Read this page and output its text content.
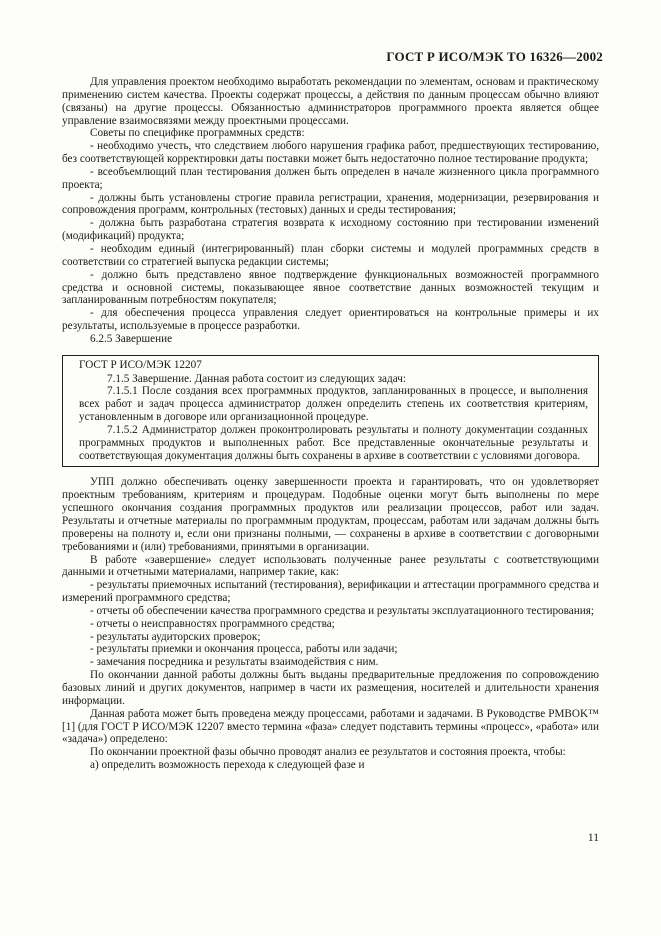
ГОСТ Р ИСО/МЭК ТО 16326—2002

Для управления проектом необходимо выработать рекомендации по элементам, основам и практическому применению систем качества. Проекты содержат процессы, а действия по данным процессам обычно влияют (связаны) на другие процессы. Обязанностью администраторов программного проекта является общее управление взаимосвязями между проектными процессами.

Советы по специфике программных средств:

- необходимо учесть, что следствием любого нарушения графика работ, предшествующих тестированию, без соответствующей корректировки даты поставки может быть недостаточно полное тестирование продукта;

- всеобъемлющий план тестирования должен быть определен в начале жизненного цикла программного проекта;

- должны быть установлены строгие правила регистрации, хранения, модернизации, резервирования и сопровождения программ, контрольных (тестовых) данных и среды тестирования;

- должна быть разработана стратегия возврата к исходному состоянию при тестировании изменений (модификаций) продукта;

- необходим единый (интегрированный) план сборки системы и модулей программных средств в соответствии со стратегией выпуска редакции системы;

- должно быть представлено явное подтверждение функциональных возможностей программного средства и основной системы, показывающее явное соответствие данных возможностей текущим и запланированным потребностям покупателя;

- для обеспечения процесса управления следует ориентироваться на контрольные примеры и их результаты, используемые в процессе разработки.

6.2.5 Завершение

ГОСТ Р ИСО/МЭК 12207

7.1.5 Завершение. Данная работа состоит из следующих задач:

7.1.5.1 После создания всех программных продуктов, запланированных в процессе, и выполнения всех работ и задач процесса администратор должен определить степень их соответствия критериям, установленным в договоре или организационной процедуре.

7.1.5.2 Администратор должен проконтролировать результаты и полноту документации созданных программных продуктов и выполненных работ. Все представленные окончательные результаты и соответствующая документация должны быть сохранены в архиве в соответствии с условиями договора.

УПП должно обеспечивать оценку завершенности проекта и гарантировать, что он удовлетворяет проектным требованиям, критериям и процедурам. Подобные оценки могут быть выполнены по мере успешного окончания создания программных продуктов или реализации процессов, работ или задач. Результаты и отчетные материалы по программным продуктам, процессам, работам или задачам должны быть проверены на полноту и, если они признаны полными, — сохранены в архиве в соответствии с договорными требованиями и (или) требованиями, принятыми в организации.

В работе «завершение» следует использовать полученные ранее результаты с соответствующими данными и отчетными материалами, например такие, как:

- результаты приемочных испытаний (тестирования), верификации и аттестации программного средства и измерений программного средства;

- отчеты об обеспечении качества программного средства и результаты эксплуатационного тестирования;

- отчеты о неисправностях программного средства;

- результаты аудиторских проверок;

- результаты приемки и окончания процесса, работы или задачи;

- замечания посредника и результаты взаимодействия с ним.

По окончании данной работы должны быть выданы предварительные предложения по сопровождению базовых линий и других документов, например в части их размещения, носителей и длительности хранения информации.

Данная работа может быть проведена между процессами, работами и задачами. В Руководстве PMBOK™ [1] (для ГОСТ Р ИСО/МЭК 12207 вместо термина «фаза» следует подставить термины «процесс», «работа» или «задача») определено:

По окончании проектной фазы обычно проводят анализ ее результатов и состояния проекта, чтобы:

а) определить возможность перехода к следующей фазе и

11
